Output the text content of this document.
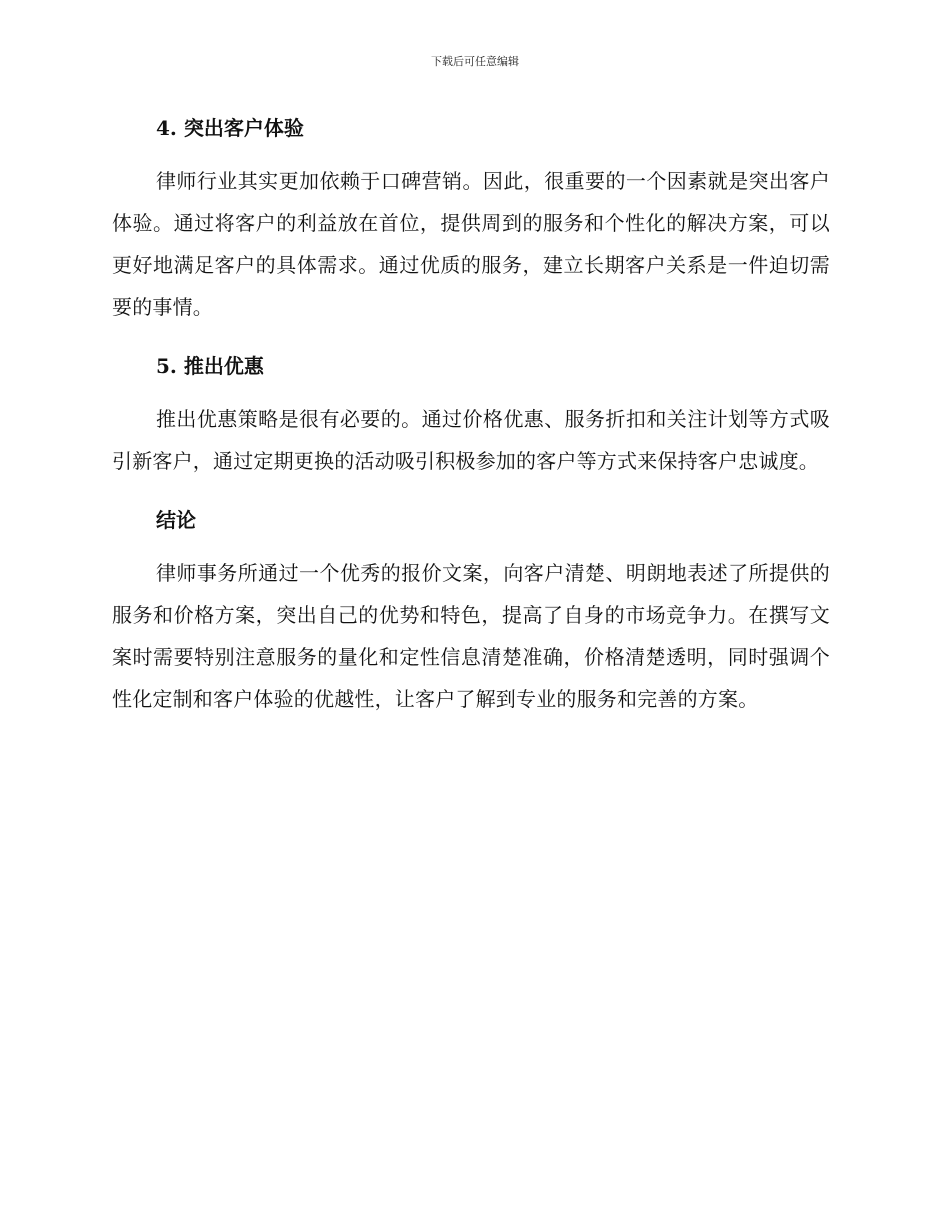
下载后可任意编辑
4. 突出客户体验

律师行业其实更加依赖于口碑营销。因此，很重要的一个因素就是突出客户体验。通过将客户的利益放在首位，提供周到的服务和个性化的解决方案，可以更好地满足客户的具体需求。通过优质的服务，建立长期客户关系是一件迫切需要的事情。

5. 推出优惠

推出优惠策略是很有必要的。通过价格优惠、服务折扣和关注计划等方式吸引新客户，通过定期更换的活动吸引积极参加的客户等方式来保持客户忠诚度。

结论

律师事务所通过一个优秀的报价文案，向客户清楚、明朗地表述了所提供的服务和价格方案，突出自己的优势和特色，提高了自身的市场竞争力。在撰写文案时需要特别注意服务的量化和定性信息清楚准确，价格清楚透明，同时强调个性化定制和客户体验的优越性，让客户了解到专业的服务和完善的方案。
